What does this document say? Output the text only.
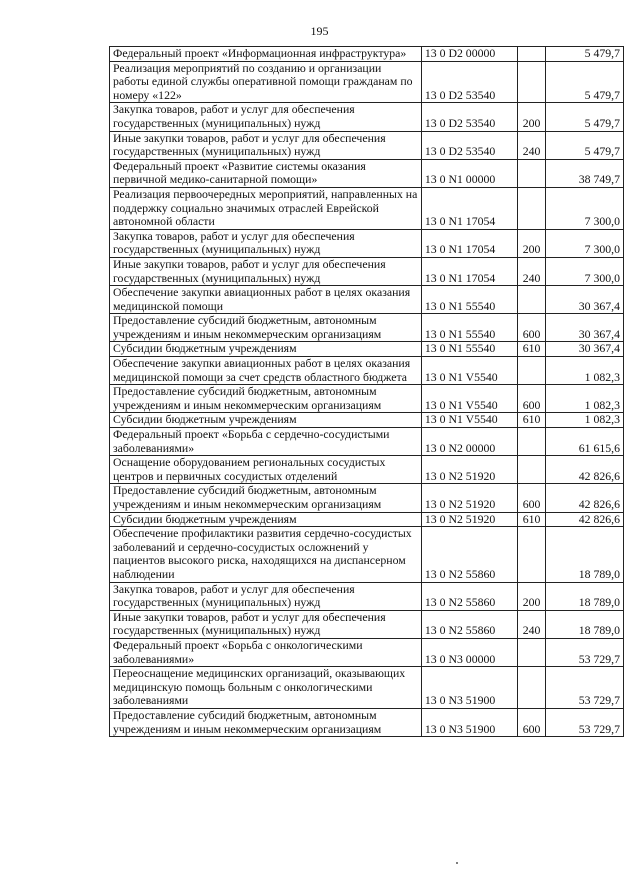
195
Федеральный проект «Информационная инфраструктура»	13 0 D2 00000		5 479,7
Реализация мероприятий по созданию и организации работы единой службы оперативной помощи гражданам по номеру «122»	13 0 D2 53540		5 479,7
Закупка товаров, работ и услуг для обеспечения государственных (муниципальных) нужд	13 0 D2 53540	200	5 479,7
Иные закупки товаров, работ и услуг для обеспечения государственных (муниципальных) нужд	13 0 D2 53540	240	5 479,7
Федеральный проект «Развитие системы оказания первичной медико-санитарной помощи»	13 0 N1 00000		38 749,7
Реализация первоочередных мероприятий, направленных на поддержку социально значимых отраслей Еврейской автономной области	13 0 N1 17054		7 300,0
Закупка товаров, работ и услуг для обеспечения государственных (муниципальных) нужд	13 0 N1 17054	200	7 300,0
Иные закупки товаров, работ и услуг для обеспечения государственных (муниципальных) нужд	13 0 N1 17054	240	7 300,0
Обеспечение закупки авиационных работ в целях оказания медицинской помощи	13 0 N1 55540		30 367,4
Предоставление субсидий бюджетным, автономным учреждениям и иным некоммерческим организациям	13 0 N1 55540	600	30 367,4
Субсидии бюджетным учреждениям	13 0 N1 55540	610	30 367,4
Обеспечение закупки авиационных работ в целях оказания медицинской помощи за счет средств областного бюджета	13 0 N1 V5540		1 082,3
Предоставление субсидий бюджетным, автономным учреждениям и иным некоммерческим организациям	13 0 N1 V5540	600	1 082,3
Субсидии бюджетным учреждениям	13 0 N1 V5540	610	1 082,3
Федеральный проект «Борьба с сердечно-сосудистыми заболеваниями»	13 0 N2 00000		61 615,6
Оснащение оборудованием региональных сосудистых центров и первичных сосудистых отделений	13 0 N2 51920		42 826,6
Предоставление субсидий бюджетным, автономным учреждениям и иным некоммерческим организациям	13 0 N2 51920	600	42 826,6
Субсидии бюджетным учреждениям	13 0 N2 51920	610	42 826,6
Обеспечение профилактики развития сердечно-сосудистых заболеваний и сердечно-сосудистых осложнений у пациентов высокого риска, находящихся на диспансерном наблюдении	13 0 N2 55860		18 789,0
Закупка товаров, работ и услуг для обеспечения государственных (муниципальных) нужд	13 0 N2 55860	200	18 789,0
Иные закупки товаров, работ и услуг для обеспечения государственных (муниципальных) нужд	13 0 N2 55860	240	18 789,0
Федеральный проект «Борьба с онкологическими заболеваниями»	13 0 N3 00000		53 729,7
Переоснащение медицинских организаций, оказывающих медицинскую помощь больным с онкологическими заболеваниями	13 0 N3 51900		53 729,7
Предоставление субсидий бюджетным, автономным учреждениям и иным некоммерческим организациям	13 0 N3 51900	600	53 729,7
